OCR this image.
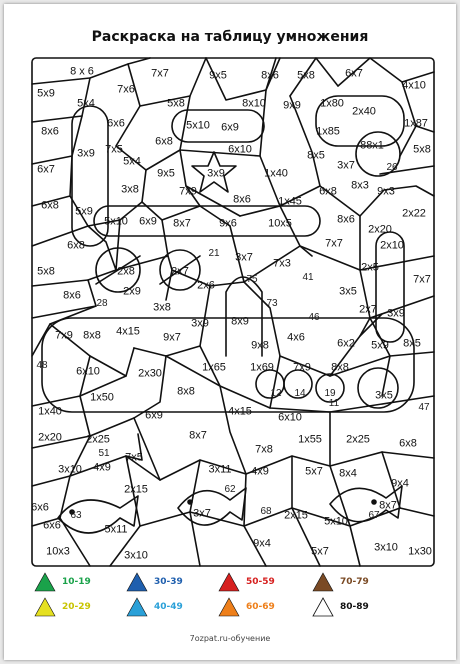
Раскраска на таблицу умножения
8 x 6	7x7	9x5	8x6 5x8	6x7
4x10
5x9
5x4
7x6
5x8	8x10 9x9 1x80
2x40
1x87
8x6
6x6	5x10 6x9	1x85
88x1
3x9 7x5
6x8
6x10	8x5
3x7	26
5x8
6x7
5x4
9x5	3x9	1x40
8x3 9x3
3x8	7x9
8x6 1x45
6x8
6x8 5x9
5x10 6x9 8x7	9x6	10x5	8x6	2x22
6x8
21 3x7
7x7
2x20
2x10
5x8	2x8
2x9
2x7
2x6	75
7x3
41
2x5
7x7
8x6
28	3x8	73
3x5
7x9 8x8 4x15 9x7
3x9 8x9	46
2x7 3x9
6x2 5x9 8x5
48	6x10	2x30
9x8
4x6
1x65 1x69 7x9 8x8
12 14 19
11
3x5
1x50	8x8
1x40	6x9	4x15 6x10
47
2x20 2x25	8x7
7x8
1x55 2x25	6x8
51 7x5
3x11 4x9	5x7 8x4
9x4
3x10 4x9
2x15	62
8x7
6x6
63	3x7	68 2x15 5x10 67
5x11
6x6
9x4
10x3	3x10	5x7	3x10 1x30
10-19
20-29
30-39
40-49
50-59
60-69
70-79
80-89
7ozpat.ru-обучение
